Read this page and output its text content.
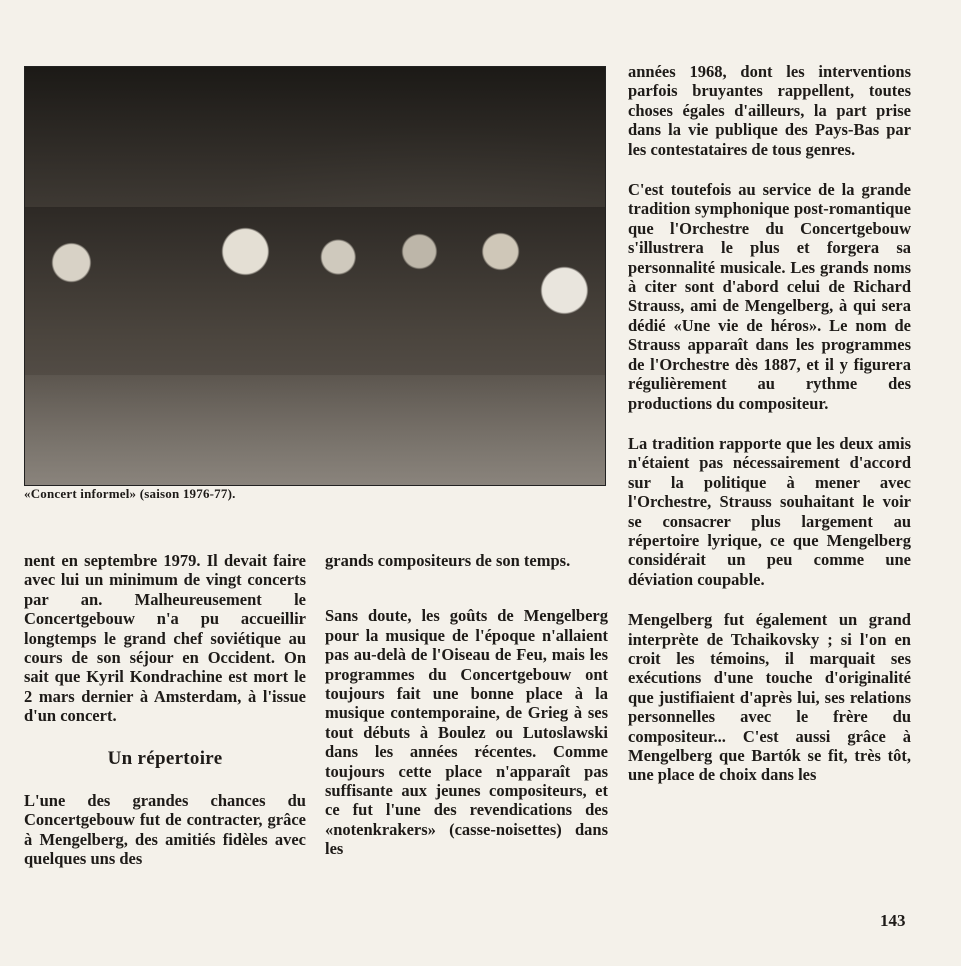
«Concert informel» (saison 1976-77).

nent en septembre 1979. Il devait faire avec lui un minimum de vingt concerts par an. Malheureusement le Concertgebouw n'a pu accueillir longtemps le grand chef soviétique au cours de son séjour en Occident. On sait que Kyril Kondrachine est mort le 2 mars dernier à Amsterdam, à l'issue d'un concert.

Un répertoire

L'une des grandes chances du Concertgebouw fut de contracter, grâce à Mengelberg, des amitiés fidèles avec quelques uns des

grands compositeurs de son temps.

Sans doute, les goûts de Mengelberg pour la musique de l'époque n'allaient pas au-delà de l'Oiseau de Feu, mais les programmes du Concertgebouw ont toujours fait une bonne place à la musique contemporaine, de Grieg à ses tout débuts à Boulez ou Lutoslawski dans les années récentes. Comme toujours cette place n'apparaît pas suffisante aux jeunes compositeurs, et ce fut l'une des revendications des «notenkrakers» (casse-noisettes) dans les

années 1968, dont les interventions parfois bruyantes rappellent, toutes choses égales d'ailleurs, la part prise dans la vie publique des Pays-Bas par les contestataires de tous genres.

C'est toutefois au service de la grande tradition symphonique post-romantique que l'Orchestre du Concertgebouw s'illustrera le plus et forgera sa personnalité musicale. Les grands noms à citer sont d'abord celui de Richard Strauss, ami de Mengelberg, à qui sera dédié «Une vie de héros». Le nom de Strauss apparaît dans les programmes de l'Orchestre dès 1887, et il y figurera régulièrement au rythme des productions du compositeur.

La tradition rapporte que les deux amis n'étaient pas nécessairement d'accord sur la politique à mener avec l'Orchestre, Strauss souhaitant le voir se consacrer plus largement au répertoire lyrique, ce que Mengelberg considérait un peu comme une déviation coupable.

Mengelberg fut également un grand interprète de Tchaikovsky ; si l'on en croit les témoins, il marquait ses exécutions d'une touche d'originalité que justifiaient d'après lui, ses relations personnelles avec le frère du compositeur... C'est aussi grâce à Mengelberg que Bartók se fit, très tôt, une place de choix dans les

143
